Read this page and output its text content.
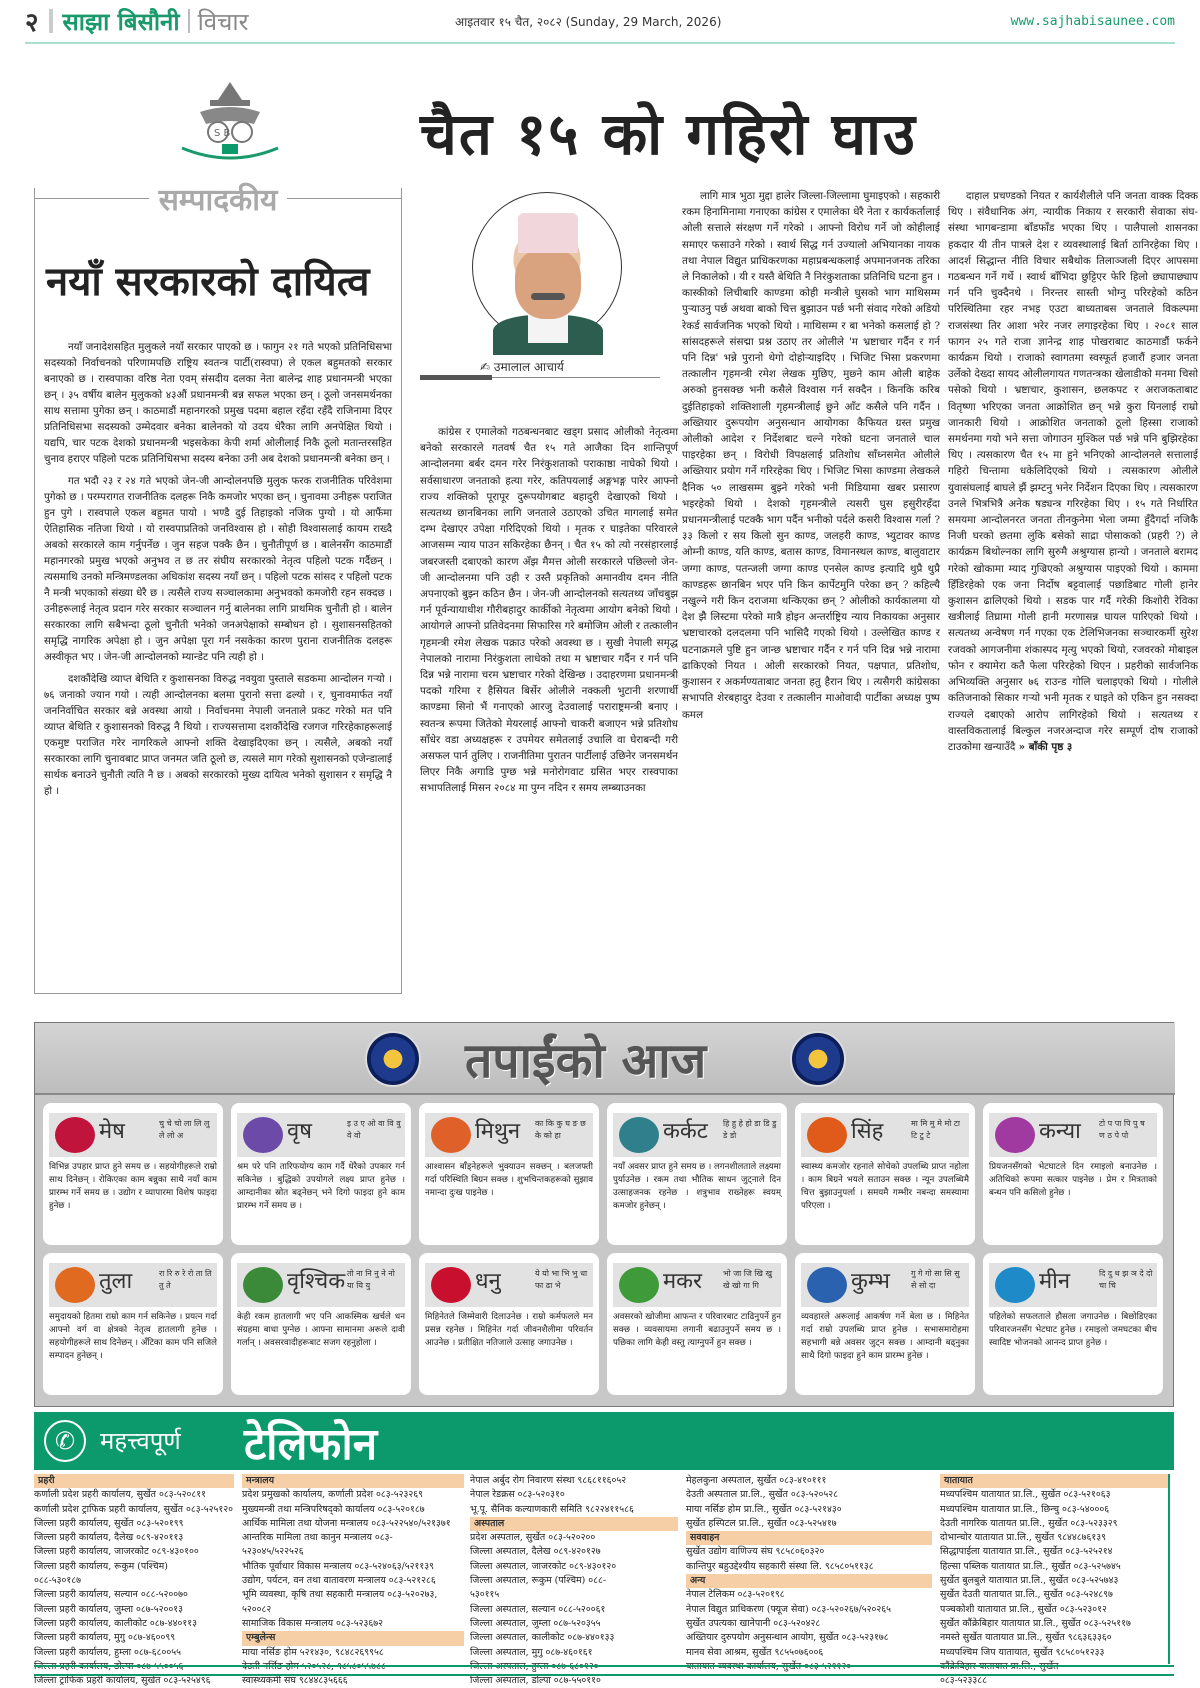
२ साझा बिसौनी विचार	आइतवार १५ चैत, २०८२ (Sunday, 29 March, 2026)	www.sajhabisaunee.com
S B	चैत १५ को गहिरो घाउ
सम्पादकीय
नयाँ सरकारको दायित्व

नयाँ जनादेशसहित मुलुकले नयाँ सरकार पाएको छ । फागुन २१ गते भएको प्रतिनिधिसभा सदस्यको निर्वाचनको परिणामपछि राष्ट्रिय स्वतन्त्र पार्टी(रास्वपा) ले एकल बहुमतको सरकार बनाएको छ । रास्वपाका वरिष्ठ नेता एवम् संसदीय दलका नेता बालेन्द्र शाह प्रधानमन्त्री भएका छन् । ३५ वर्षीय बालेन मुलुकको ४३औं प्रधानमन्त्री बन्न सफल भएका छन् । ठूलो जनसमर्थनका साथ सत्तामा पुगेका छन् । काठमाडौं महानगरको प्रमुख पदमा बहाल रहँदा रहँदै राजिनामा दिएर प्रतिनिधिसभा सदस्यको उम्मेदवार बनेका बालेनको यो उदय धेरैका लागि अनपेक्षित थियो । यद्यपि, चार पटक देशको प्रधानमन्त्री भइसकेका केपी शर्मा ओलीलाई निकै ठूलो मतान्तरसहित चुनाव हराएर पहिलो पटक प्रतिनिधिसभा सदस्य बनेका उनी अब देशको प्रधानमन्त्री बनेका छन् ।

गत भदौ २३ र २४ गते भएको जेन-जी आन्दोलनपछि मुलुक फरक राजनीतिक परिवेशमा पुगेको छ । परम्परागत राजनीतिक दलहरू निकै कमजोर भएका छन् । चुनावमा उनीहरू पराजित हुन पुगे । रास्वपाले एकल बहुमत पायो । भण्डै दुई तिहाइको नजिक पुग्यो । यो आफैंमा ऐतिहासिक नतिजा थियो । यो रास्वपाप्रतिको जनविश्वास हो । सोही विश्वासलाई कायम राख्दै अबको सरकारले काम गर्नुपर्नेछ । जुन सहज पक्कै छैन । चुनौतीपूर्ण छ । बालेनसँग काठमाडौं महानगरको प्रमुख भएको अनुभव त छ तर संघीय सरकारको नेतृत्व पहिलो पटक गर्दैछन् । त्यसमाथि उनको मन्त्रिमण्डलका अधिकांश सदस्य नयाँ छन् । पहिलो पटक सांसद र पहिलो पटक नै मन्त्री भएकाको संख्या धेरै छ । त्यसैले राज्य सञ्चालकामा अनुभवको कमजोरी रहन सक्दछ । उनीहरूलाई नेतृत्व प्रदान गरेर सरकार सञ्चालन गर्नु बालेनका लागि प्राथमिक चुनौती हो । बालेन सरकारका लागि सबैभन्दा ठूलो चुनौती भनेको जनअपेक्षाको सम्बोधन हो । सुशासनसहितको समृद्धि नागरिक अपेक्षा हो । जुन अपेक्षा पूरा गर्न नसकेका कारण पुराना राजनीतिक दलहरू अस्वीकृत भए । जेन-जी आन्दोलनको म्यान्डेट पनि त्यही हो ।

दशकौंदेखि व्याप्त बेथिति र कुशासनका विरुद्ध नवयुवा पुस्ताले सडकमा आन्दोलन गऱ्यो । ७६ जनाको ज्यान गयो । त्यही आन्दोलनका बलमा पुरानो सत्ता ढल्यो । र, चुनावमार्फत नयाँ जननिर्वाचित सरकार बन्ने अवस्था आयो । निर्वाचनमा नेपाली जनताले प्रकट गरेको मत पनि व्याप्त बेथिति र कुशासनको विरुद्ध नै थियो । राज्यसत्तामा दशकौंदेखि रजगज गरिरहेकाहरूलाई एकमुष्ट पराजित गरेर नागरिकले आफ्नो शक्ति देखाइदिएका छन् । त्यसैले, अबको नयाँ सरकारका लागि चुनावबाट प्राप्त जनमत जति ठूलो छ, त्यसले माग गरेको सुशासनको एजेन्डालाई सार्थक बनाउने चुनौती त्यति नै छ । अबको सरकारको मुख्य दायित्व भनेको सुशासन र समृद्धि नै हो ।

✍ उमालाल आचार्य

कांग्रेस र एमालेको गठबन्धनबाट खड्ग प्रसाद ओलीको नेतृत्वमा बनेको सरकारले गतवर्ष चैत १५ गते आजैका दिन शान्तिपूर्ण आन्दोलनमा बर्बर दमन गरेर निरंकुशताको पराकाष्ठा नाघेको थियो । सर्वसाधारण जनताको हत्या गरेर, कतिपयलाई अङ्गभङ्ग पारेर आफ्नो राज्य शक्तिको पूरापूर दुरूपयोगबाट बहादुरी देखाएको थियो । सत्यतथ्य छानबिनका लागि जनताले उठाएको उचित मागलाई समेत दम्भ देखाएर उपेक्षा गरिदिएको थियो । मृतक र घाइतेका परिवारले आजसम्म न्याय पाउन सकिरहेका छैनन् । चैत १५ को त्यो नरसंहारलाई जबरजस्ती दबाएको कारण अँझ मैमत्त ओली सरकारले पछिल्लो जेन-जी आन्दोलनमा पनि उही र उस्तै प्रकृतिको अमानवीय दमन नीति अपनाएको बुझ्न कठिन छैन । जेन-जी आन्दोलनको सत्यतथ्य जाँचबुझ गर्न पूर्वन्यायाधीश गौरीबहादुर कार्कीको नेतृत्वमा आयोग बनेको थियो । आयोगले आफ्नो प्रतिवेदनमा सिफारिस गरे बमोजिम ओली र तत्कालीन गृहमन्त्री रमेश लेखक पक्राउ परेको अवस्था छ । सुखी नेपाली समृद्ध नेपालको नारामा निरंकुशता लाधेको तथा म भ्रष्टाचार गर्दैन र गर्न पनि दिन्न भन्ने नारामा चरम भ्रष्टाचार गरेको देखिन्छ । उदाहरणमा प्रधानमन्त्री पदको गरिमा र हैसियत बिर्सेर ओलीले नक्कली भुटानी शरणार्थी काण्डमा सिनो भैं गनाएको आरजु देउवालाई पराराष्ट्रमन्त्री बनाए । स्वतन्त्र रूपमा जितेको मेयरलाई आफ्नो चाकरी बजाएन भन्ने प्रतिशोध साँधेर वडा अध्यक्षहरू र उपमेयर समेतलाई उचालि वा घेराबन्दी गरी असफल पार्न तुलिए । राजनीतिमा पुरातन पार्टीलाई उछिनेर जनसमर्थन लिएर निकै अगाडि पुग्छ भन्ने मनोरोगवाट ग्रसित भएर रास्वपाका सभापतिलाई मिसन २०८४ मा पुग्न नदिन र समय लम्ब्याउनका

लागि मात्र भुठा मुद्दा हालेर जिल्ला-जिल्लामा घुमाइएको । सहकारी रकम हिनामिनामा गनाएका कांग्रेस र एमालेका धेरै नेता र कार्यकर्तालाई ओली सत्ताले संरक्षण गर्ने गरेको । आफ्नो विरोध गर्ने जो कोहीलाई समाएर फसाउने गरेको । स्वार्थ सिद्ध गर्न उज्यालो अभियानका नायक तथा नेपाल विद्युत प्राधिकरणका महाप्रबन्धकलाई अपमानजनक तरिका ले निकालेको । यी र यस्तै बेथिति नै निरंकुशताका प्रतिनिधि घटना हुन । कास्कीको लिचीबारि काण्डमा कोही मन्त्रीले घुसको भाग माथिसम्म पुऱ्याउनु पर्छ अथवा बाको चित्त बुझाउन पर्छ भनी संवाद गरेको अडियो रेकर्ड सार्वजनिक भएको थियो । माथिसम्म र बा भनेको कसलाई हो ? सांसदहरूले संसद्मा प्रश्न उठाए तर ओलीले 'म भ्रष्टाचार गर्दैन र गर्न पनि दिन्न' भन्ने पुरानो थेगो दोहोऱ्याइदिए । भिजिट भिसा प्रकरणमा तत्कालीन गृहमन्त्री रमेश लेखक मुछिए, मुछ्ने काम ओली बाहेक अरुको हुनसक्छ भनी कसैले विश्वास गर्न सक्दैन । किनकि करिब दुईतिहाइको शक्तिशाली गृहमन्त्रीलाई छुने आँट कसैले पनि गर्दैन । अख्तियार दुरूपयोग अनुसन्धान आयोगका कैफियत ग्रस्त प्रमुख ओलीको आदेश र निर्देशबाट चल्ने गरेको घटना जनताले चाल पाइरहेका छन् । विरोधी विपक्षलाई प्रतिशोध साँध्नसमेत ओलीले अख्तियार प्रयोग गर्ने गरिरहेका थिए । भिजिट भिसा काण्डमा लेखकले दैनिक ५० लाखसम्म बुझ्ने गरेको भनी मिडियामा खबर प्रसारण भइरहेको थियो । देशको गृहमन्त्रीले त्यसरी घुस हसुरीरहँदा प्रधानमन्त्रीलाई पटक्कै भाग पर्दैन भनीको पर्दले कसरी विश्वास गर्ला ? ३३ किलो र सय किलो सुन काण्ड, जलहरी काण्ड, भ्युटावर काण्ड ओम्नी काण्ड, यति काण्ड, बतास काण्ड, विमानस्थल काण्ड, बालुवाटार जग्गा काण्ड, पतन्जली जग्गा काण्ड एनसेल काण्ड इत्यादि थुप्रै थुप्रै काण्डहरू छानबिन भएर पनि किन कार्पेटमुनि परेका छन् ? कहिल्यै नखुल्ने गरी किन दराजमा थन्किएका छन् ? ओलीको कार्यकालमा यो देश झेै लिस्टमा परेको मात्रै होइन अन्तर्राष्ट्रिय न्याय निकायका अनुसार भ्रष्टाचारको दलदलमा पनि भासिदै गएको थियो । उल्लेखित काण्ड र घटनाक्रमले पुष्टि हुन जान्छ भ्रष्टाचार गर्दैन र गर्न पनि दिन्न भन्ने नारामा ढाकिएको नियत । ओली सरकारको नियत, पक्षपात, प्रतिशोध, कुशासन र अकर्मण्यताबाट जनता हतु हैरान थिए । त्यसैगरी कांग्रेसका सभापति शेरबहादुर देउवा र तत्कालीन माओवादी पार्टीका अध्यक्ष पुष्प कमल

दाहाल प्रचण्डको नियत र कार्यशैलीले पनि जनता वाक्क दिक्क थिए । संवैधानिक अंग, न्यायीक निकाय र सरकारी सेवाका संघ-संस्था भागबन्डामा बाँडफाँड भएका थिए । पालैपालो शासनका हकदार यी तीन पात्रले देश र व्यवस्थालाई बिर्ता ठानिरहेका थिए । आदर्श सिद्धान्त नीति विचार सबैथोक तिलाञ्जली दिएर आपसमा गठबन्धन गर्ने गर्थे । स्वार्थ बाँभिदा छुट्टिएर फेरि हिलो छ्यापाछ्याप गर्न पनि चुक्दैनथे । निरन्तर सास्ती भोग्नु परिरहेको कठिन परिस्थितिमा रहर नभइ एउटा बाध्यताबस जनताले विकल्पमा राजसंस्था तिर आशा भरेर नजर लगाइरहेका थिए । २०८१ साल फागन २५ गते राजा ज्ञानेन्द्र शाह पोखराबाट काठमाडौं फर्कने कार्यक्रम थियो । राजाको स्वागतमा स्वस्फूर्त हजारौं हजार जनता उर्लेको देख्दा सायद ओलीलगायत गणतन्त्रका खेलाडीको मनमा चिसो पसेको थियो । भ्रष्टाचार, कुशासन, छलकपट र अराजकताबाट वितृष्णा भरिएका जनता आक्रोशित छन् भन्ने कुरा यिनलाई राम्रो जानकारी थियो । आक्रोशित जनताको ठूलो हिस्सा राजाको समर्थनमा गयो भने सत्ता जोगाउन मुश्किल पर्छ भन्ने पनि बुझिरहेका थिए । त्यसकारण चैत १५ मा हुने भनिएको आन्दोलनले सत्तालाई गहिरो चिन्तामा धकेलिदिएको थियो । त्यसकारण ओलीले युवासंघलाई बाघले झैं झम्टनु भनेर निर्देशन दिएका थिए । त्यसकारण उनले भित्रभित्रै अनेक षड्यन्त्र गरिरहेका थिए । १५ गते निर्धारित समयमा आन्दोलनरत जनता तीनकुनेमा भेला जम्मा हुँदैगर्दा नजिकै निजी घरको छतमा लुकि बसेको साद्रा पोसाकको (प्रहरी ?) ले कार्यक्रम बिथोल्नका लागि सुरुमै अश्रुग्यास हान्यो । जनताले बरामद गरेको खोकामा म्याद गुज्रिएको अश्रुग्यास पाइएको थियो । काममा हिँडिरहेको एक जना निर्दोष बट्टवालाई पछाडिबाट गोली हानेर कुशासन ढालिएको थियो । सडक पार गर्दै गरेकी किशोरी रेविका खत्रीलाई तिघ्रामा गोली हानी मरणासन्न घायल पारिएको थियो । सत्यतथ्य अन्वेषण गर्न गएका एक टेलिभिजनका सञ्चारकर्मी सुरेश रजवको आगजनीमा शंकास्पद मृत्यु भएको थियो, रजवरको मोबाइल फोन र क्यामेरा कतै फेला परिरहेको थिएन । प्रहरीको सार्वजनिक अभिव्यक्ति अनुसार ७६ राउन्ड गोलि चलाइएको थियो । गोलीले कतिजनाको सिकार गऱ्यो भनी मृतक र घाइते को एकिन हुन नसक्दा राज्यले दबाएको आरोप लागिरहेको थियो । सत्यतथ्य र वास्तविकतालाई बिल्कुल नजरअन्दाज गरेर सम्पूर्ण दोष राजाको टाउकोमा खन्याउँदै » बाँकी पृष्ठ ३

तपाईंको आज
मेष	चु चे चो ला लि लु ले लो अ
विभिन्न उपहार प्राप्त हुने समय छ । सहयोगीहरूले राम्रो साथ दिनेछन् । रोकिएका काम बन्नुका साथै नयाँ काम प्रारम्भ गर्ने समय छ । उद्योग र व्यापारमा विशेष फाइदा हुनेछ ।
वृष	इ उ ए ओ वा वि वु वे वो
श्रम परे पनि तारिफयोग्य काम गर्दै धेरैको उपकार गर्न सकिनेछ । बुद्धिको उपयोगले लक्ष्य प्राप्त हुनेछ । आम्दानीका स्रोत बढ्नेछन् भने दिगो फाइदा हुने काम प्रारम्भ गर्ने समय छ ।
मिथुन का कि कु घ ङ छ के को हा
आश्वासन बाँड्नेहरूले भुक्याउन सक्छन् । बलजफ्ती गर्दा परिस्थिति बिग्रन सक्छ । शुभचिन्तकहरूको सुझाव नमान्दा दुःख पाइनेछ ।
कर्कट हि हु हे हो डा डि डु डे डो
नयाँ अवसर प्राप्त हुने समय छ । लगनशीलताले लक्ष्यमा पुर्याउनेछ । रकम तथा भौतिक साधन जुट्नाले दिन उत्साहजनक रहनेछ । शत्रुभाव राख्नेहरू स्वयम् कमजोर हुनेछन् ।
सिंह	मा मि मु मे मो टा टि टु टे
स्वास्थ्य कमजोर रहनाले सोचेको उपलब्धि प्राप्त नहोला । काम बिग्रने भयले सताउन सक्छ । न्यून उपलब्धिमै चित्त बुझाउनुपर्ला । समयमै गम्भीर नबन्दा समस्यामा परिएला ।
कन्या टो प पा पि पु ष ण ठ पे पो
प्रियजनसँगको भेटघाटले दिन रमाइलो बनाउनेछ । अतिथिको रूपमा सत्कार पाइनेछ । प्रेम र मित्रताको बन्धन पनि कसिलो हुनेछ ।
तुला	रा रि रु रे रो ता ति तु ते
समुदायको हितमा राम्रो काम गर्न सकिनेछ । प्रयत्न गर्दा आफ्नो वर्ग वा क्षेत्रको नेतृत्व हातलागी हुनेछ । सहयोगीहरूले साथ दिनेछन् । अँटिका काम पनि सजिले सम्पादन हुनेछन् ।
वृश्चिक तो ना नि नु ने नो या यि यु
केही रकम हातलागी भए पनि आकस्मिक खर्चले धन संग्रहमा बाधा पुग्नेछ । आफ्ना सामानमा अरूले दावी गर्लान् । अवसरवादीहरूबाट सजग रहनुहोला ।
धनु	ये यो भा भि भु धा फा ढा भे
मिहिनेतले जिम्मेवारी दिलाउनेछ । राम्रो कर्मफलले मन प्रसन्न रहनेछ । मिहिनेत गर्दा जीवनशैलीमा परिवर्तन आउनेछ । प्रतीक्षित नतिजाले उत्साह जगाउनेछ ।
मकर	भो जा जि खि खु खे खो गा गि
अवसरको खोजीमा आफन्त र परिवारबाट टाढिनुपर्ने हुन सक्छ । व्यवसायमा लगानी बढाउनुपर्ने समय छ । पछिका लागि केही वस्तु त्याग्नुपर्ने हुन सक्छ ।
कुम्भ	गु गे गो सा सि सु से सो दा
व्यवहारले अरूलाई आकर्षण गर्ने बेला छ । मिहिनेत गर्दा राम्रो उपलब्धि प्राप्त हुनेछ । सभासमारोहमा सहभागी बन्ने अवसर जुट्न सक्छ । आम्दानी बढ्नुका साथै दिगो फाइदा हुने काम प्रारम्भ हुनेछ ।
मीन	दि दु थ झ ञ दे दो चा चि
पहिलेको सफलताले हौसला जगाउनेछ । बिछोडिएका परिवारजनसँग भेटघाट हुनेछ । रमाइलो जमघटका बीच स्वादिष्ट भोजनको आनन्द प्राप्त हुनेछ ।
✆	महत्त्वपूर्ण टेलिफोन
प्रहरी
कर्णाली प्रदेश प्रहरी कार्यालय, सुर्खेत ०८३-५२०८११
कर्णाली प्रदेश ट्राफिक प्रहरी कार्यालय, सुर्खेत ०८३-५२५१२०
जिल्ला प्रहरी कार्यालय, सुर्खेत ०८३-५२०१९९
जिल्ला प्रहरी कार्यालय, दैलेख ०८९-४२०११३
जिल्ला प्रहरी कार्यालय, जाजरकोट ०८९-४३०१००
जिल्ला प्रहरी कार्यालय, रूकुम (पश्चिम)
०८८-५३०१८७
जिल्ला प्रहरी कार्यालय, सल्यान ०८८-५२००७०
जिल्ला प्रहरी कार्यालय, जुम्ला ०८७-५२००१३
जिल्ला प्रहरी कार्यालय, कालीकोट ०८७-४४०११३
जिल्ला प्रहरी कार्यालय, मुगु ०८७-४६००९९
जिल्ला प्रहरी कार्यालय, हुम्ला ०८७-६८००५५
जिल्ला प्रहरी कार्यालय, डोल्पा ०८७-५५००५६
जिल्ला ट्राफिक प्रहरी कार्यालय, सुर्खेत ०८३-५२५४९६
मन्त्रालय
प्रदेश प्रमुखको कार्यालय, कर्णाली प्रदेश ०८३-५२३२६९
मुख्यमन्त्री तथा मन्त्रिपरिषद्को कार्यालय ०८३-५२०१८७
आर्थिक मामिला तथा योजना मन्त्रालय ०८३-५२२५४०/५२१३७१
आन्तरिक मामिला तथा कानुन मन्त्रालय ०८३-
५२३०४५/५२२५२६
भौतिक पूर्वाधार विकास मन्त्रालय ०८३-५२४०६३/५२११३९
उद्योग, पर्यटन, वन तथा वातावरण मन्त्रालय ०८३-५२१२८६
भूमि व्यवस्था, कृषि तथा सहकारी मन्त्रालय ०८३-५२०२७३,
५२००८२
सामाजिक विकास मन्त्रालय ०८३-५२३६७२
एम्बुलेन्स
माया नर्सिङ होम ५२१४३०, ९८४८२६९९५८
देउती नर्सिङ होम ५२०५२८, ९८५८०५५७८८
स्वास्थ्यकर्मी संघ ९८४४८३५६६६
नेपाल अर्बुद रोग निवारण संस्था ९८६८११६०५२
नेपाल रेडक्रस ०८३-५२०३१०
भू.पू. सैनिक कल्याणकारी समिति ९८२२४११५८६
अस्पताल
प्रदेश अस्पताल, सुर्खेत ०८३-५२०२००
जिल्ला अस्पताल, दैलेख ०८९-४२०१२७
जिल्ला अस्पताल, जाजरकोट ०८९-४३०१२०
जिल्ला अस्पताल, रूकुम (पश्चिम) ०८८-
५३०११५
जिल्ला अस्पताल, सल्यान ०८८-५२००६१
जिल्ला अस्पताल, जुम्ला ०८७-५२०३५५
जिल्ला अस्पताल, कालीकोट ०८७-४४०१३३
जिल्ला अस्पताल, मुगु ०८७-४६०१६१
जिल्ला अस्पताल, हुम्ला ०८७-६८०१२०
जिल्ला अस्पताल, डोल्पा ०८७-५५०११०
मेहलकुना अस्पताल, सुर्खेत ०८३-४१०१११
देउती अस्पताल प्रा.लि., सुर्खेत ०८३-५२०५२८
माया नर्सिङ होम प्रा.लि., सुर्खेत ०८३-५२१४३०
सुर्खेत हस्पिटल प्रा.लि., सुर्खेत ०८३-५२५४१७
सववाहन
सुर्खेत उद्योग वाणिज्य संघ ९८५८०६०३२०
कान्तिपुर बहुउद्देश्यीय सहकारी संस्था लि. ९८५८०५११३८
अन्य
नेपाल टेलिकम ०८३-५२०१९८
नेपाल विद्युत प्राधिकरण (फ्यूज सेवा) ०८३-५२०२६७/५२०२६५
सुर्खेत उपत्यका खानेपानी ०८३-५२०४२८
अख्तियार दुरुपयोग अनुसन्धान आयोग, सुर्खेत ०८३-५२३१७८
मानव सेवा आश्रम, सुर्खेत ९८५५०७६००६
यातायात व्यवस्था कार्यालय, सुर्खेत ०८३-५२११२०
यातायात
मध्यपश्चिम यातायात प्रा.लि., सुर्खेत ०८३-५२१०६३
मध्यपश्चिम यातायात प्रा.लि., छिन्चु ०८३-५४०००६
देउती नागरिक यातायत प्रा.लि., सुर्खेत ०८३-५२३३२९
दोभान्चोर यातायात प्रा.लि., सुर्खेत ९८४४८७६१३९
सिद्धापाईला यातायात प्रा.लि., सुर्खेत ०८३-५२५२१४
हिल्सा पब्लिक यातायात प्रा.लि., सुर्खेत ०८३-५२५७४५
सुर्खेत बुलबुले यातायात प्रा.लि., सुर्खेत ०८३-५२५७४३
सुर्खेत देउती यातायात प्रा.लि., सुर्खेत ०८३-५२४८९७
पञ्चकोशी यातायात प्रा.लि., सुर्खेत ०८३-५२३०१२
सुर्खेत कौंक्रेबिहार यातायात प्रा.लि., सुर्खेत ०८३-५२५११७
नमस्ते सुर्खेत यातायात प्रा.लि., सुर्खेत ९८६३६३३६०
मध्यपश्चिम जिप यातायात, सुर्खेत ९८५८०५१२३३
कौंक्रेबिहार यातायात प्रा.लि., सुर्खेत
०८३-५२३३८८
